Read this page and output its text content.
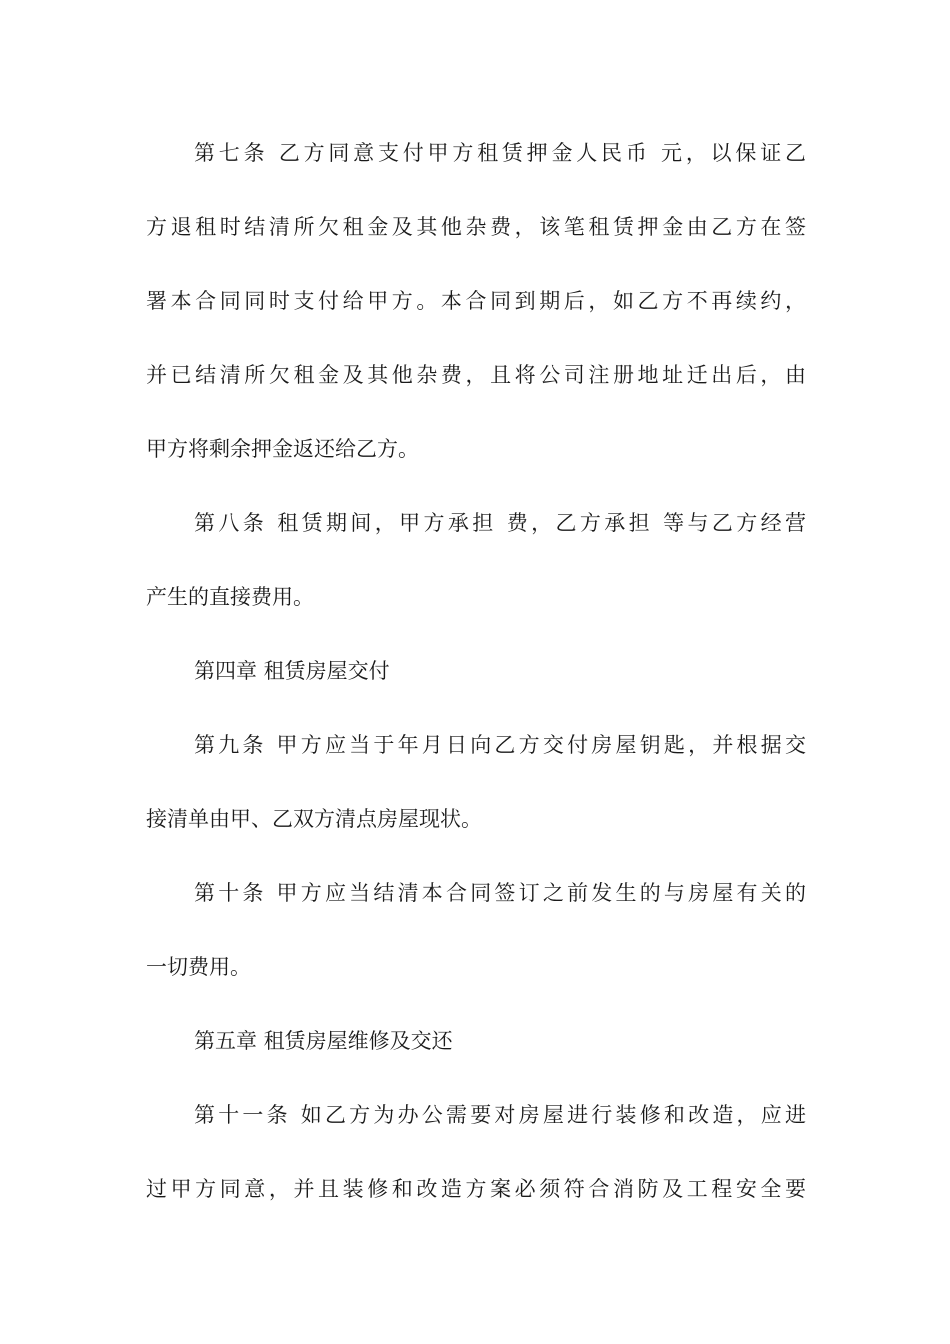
第七条 乙方同意支付甲方租赁押金人民币 元，以保证乙
方退租时结清所欠租金及其他杂费，该笔租赁押金由乙方在签
署本合同同时支付给甲方。本合同到期后，如乙方不再续约，
并已结清所欠租金及其他杂费，且将公司注册地址迁出后，由
甲方将剩余押金返还给乙方。
第八条 租赁期间，甲方承担 费，乙方承担 等与乙方经营
产生的直接费用。
第四章 租赁房屋交付
第九条 甲方应当于年月日向乙方交付房屋钥匙，并根据交
接清单由甲、乙双方清点房屋现状。
第十条 甲方应当结清本合同签订之前发生的与房屋有关的
一切费用。
第五章 租赁房屋维修及交还
第十一条 如乙方为办公需要对房屋进行装修和改造，应进
过甲方同意，并且装修和改造方案必须符合消防及工程安全要
